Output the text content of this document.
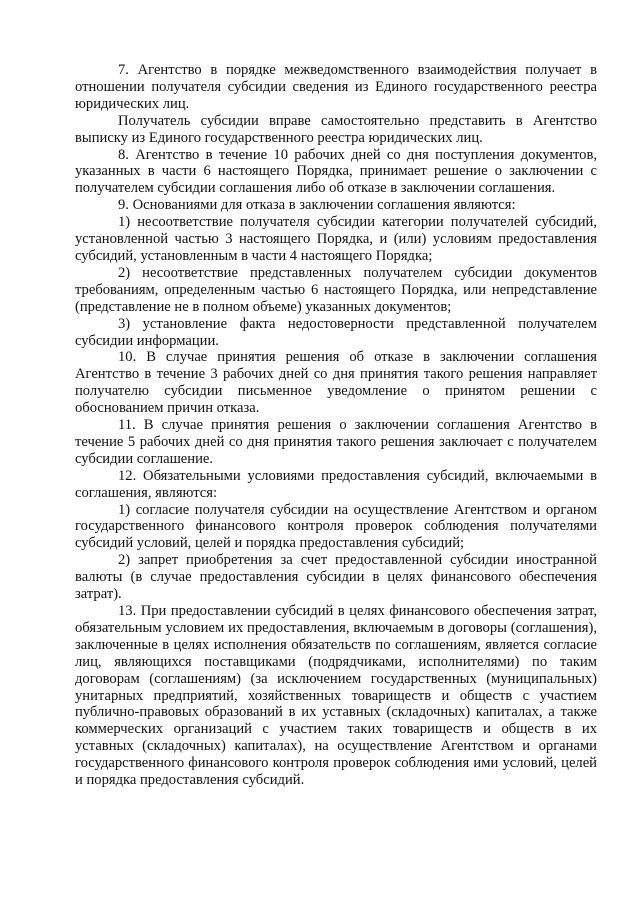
7. Агентство в порядке межведомственного взаимодействия получает в отношении получателя субсидии сведения из Единого государственного реестра юридических лиц.

Получатель субсидии вправе самостоятельно представить в Агентство выписку из Единого государственного реестра юридических лиц.

8. Агентство в течение 10 рабочих дней со дня поступления документов, указанных в части 6 настоящего Порядка, принимает решение о заключении с получателем субсидии соглашения либо об отказе в заключении соглашения.

9. Основаниями для отказа в заключении соглашения являются:

1) несоответствие получателя субсидии категории получателей субсидий, установленной частью 3 настоящего Порядка, и (или) условиям предоставления субсидий, установленным в части 4 настоящего Порядка;

2) несоответствие представленных получателем субсидии документов требованиям, определенным частью 6 настоящего Порядка, или непредставление (представление не в полном объеме) указанных документов;

3) установление факта недостоверности представленной получателем субсидии информации.

10. В случае принятия решения об отказе в заключении соглашения Агентство в течение 3 рабочих дней со дня принятия такого решения направляет получателю субсидии письменное уведомление о принятом решении с обоснованием причин отказа.

11. В случае принятия решения о заключении соглашения Агентство в течение 5 рабочих дней со дня принятия такого решения заключает с получателем субсидии соглашение.

12. Обязательными условиями предоставления субсидий, включаемыми в соглашения, являются:

1) согласие получателя субсидии на осуществление Агентством и органом государственного финансового контроля проверок соблюдения получателями субсидий условий, целей и порядка предоставления субсидий;

2) запрет приобретения за счет предоставленной субсидии иностранной валюты (в случае предоставления субсидии в целях финансового обеспечения затрат).

13. При предоставлении субсидий в целях финансового обеспечения затрат, обязательным условием их предоставления, включаемым в договоры (соглашения), заключенные в целях исполнения обязательств по соглашениям, является согласие лиц, являющихся поставщиками (подрядчиками, исполнителями) по таким договорам (соглашениям) (за исключением государственных (муниципальных) унитарных предприятий, хозяйственных товариществ и обществ с участием публично-правовых образований в их уставных (складочных) капиталах, а также коммерческих организаций с участием таких товариществ и обществ в их уставных (складочных) капиталах), на осуществление Агентством и органами государственного финансового контроля проверок соблюдения ими условий, целей и порядка предоставления субсидий.
